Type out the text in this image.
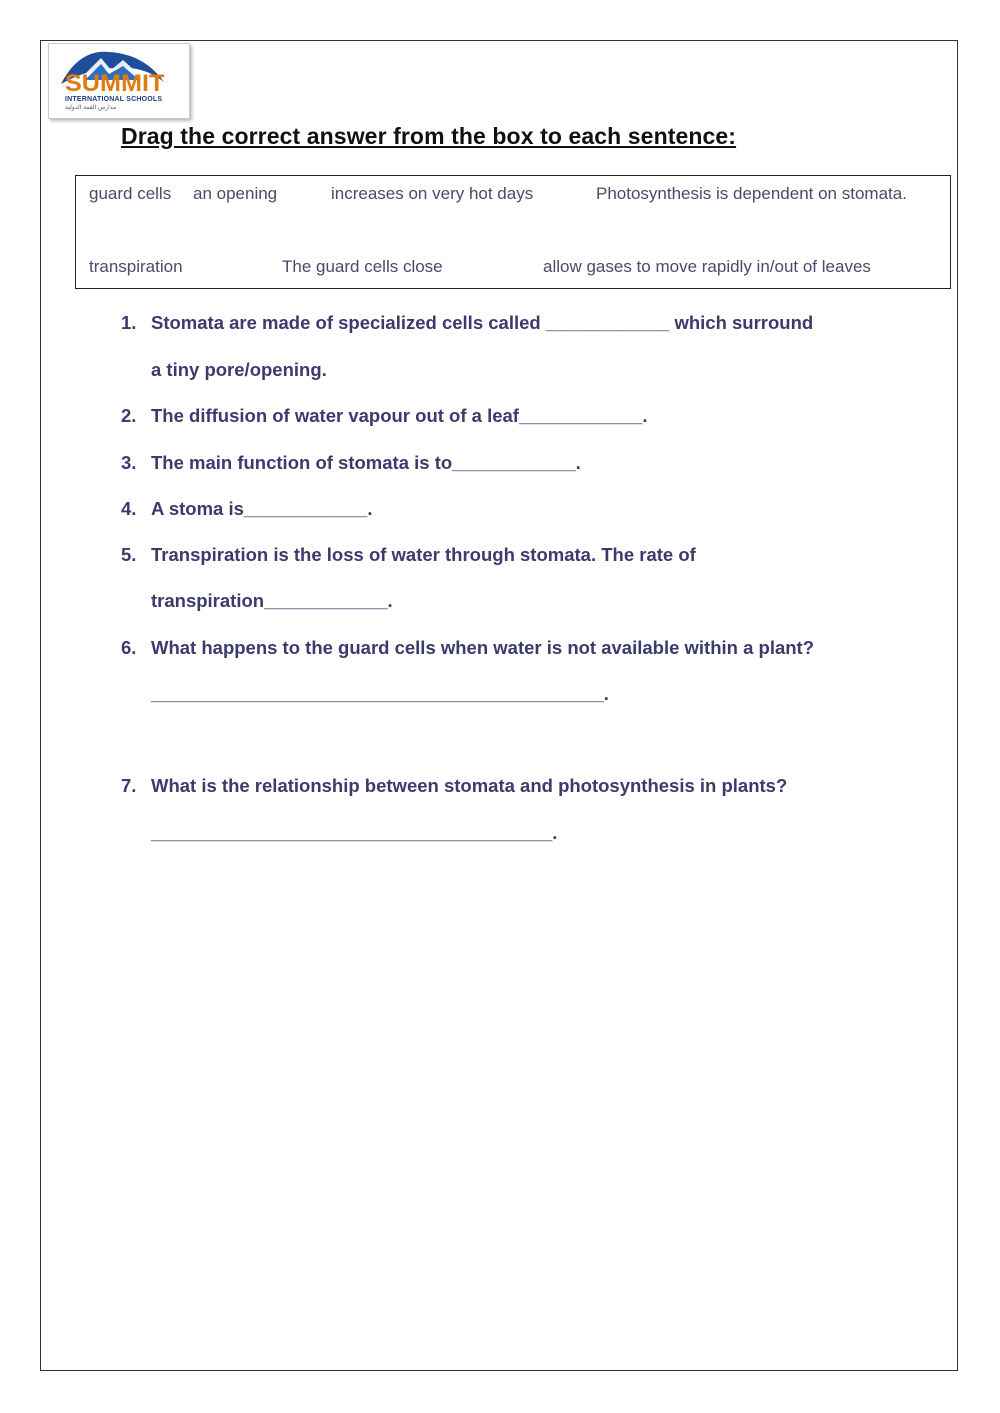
SUMMIT
INTERNATIONAL SCHOOLS
مدارس القمة الدولية
Drag the correct answer from the box to each sentence:
guard cells an opening	increases on very hot days	Photosynthesis is dependent on stomata.
transpiration	The guard cells close	allow gases to move rapidly in/out of leaves
1. Stomata are made of specialized cells called ____________ which surround
a tiny pore/opening.
2. The diffusion of water vapour out of a leaf____________.
3. The main function of stomata is to____________.
4. A stoma is____________.
5. Transpiration is the loss of water through stomata. The rate of
transpiration____________.
6. What happens to the guard cells when water is not available within a plant?
____________________________________________.
7. What is the relationship between stomata and photosynthesis in plants?
_______________________________________.
